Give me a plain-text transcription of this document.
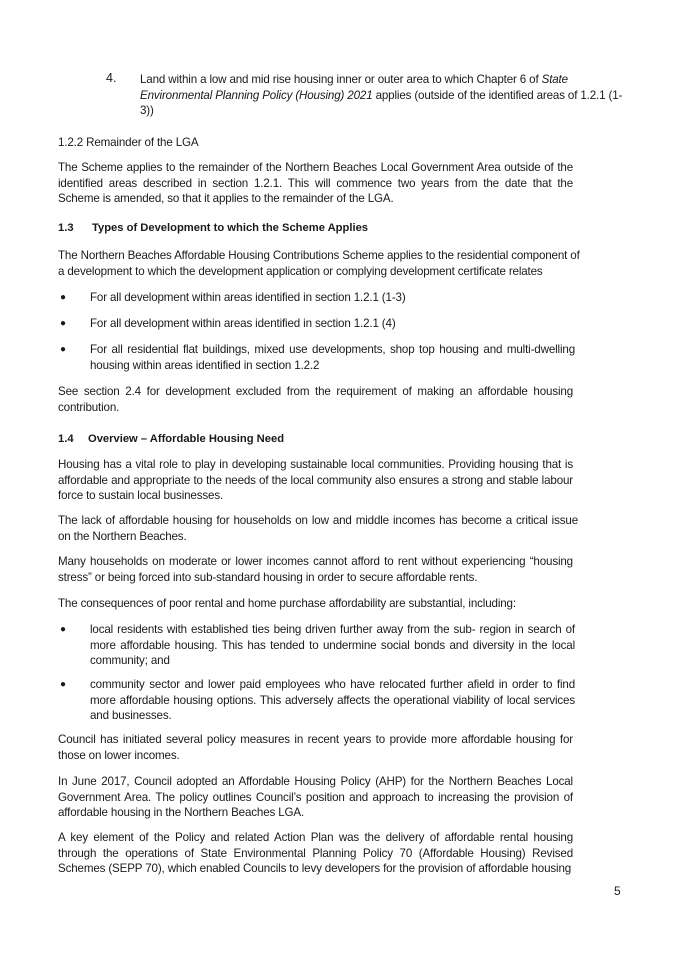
4. Land within a low and mid rise housing inner or outer area to which Chapter 6 of State Environmental Planning Policy (Housing) 2021 applies (outside of the identified areas of 1.2.1 (1-3))
1.2.2 Remainder of the LGA
The Scheme applies to the remainder of the Northern Beaches Local Government Area outside of the identified areas described in section 1.2.1. This will commence two years from the date that the Scheme is amended, so that it applies to the remainder of the LGA.
1.3 Types of Development to which the Scheme Applies
The Northern Beaches Affordable Housing Contributions Scheme applies to the residential component of a development to which the development application or complying development certificate relates
● For all development within areas identified in section 1.2.1 (1-3)
● For all development within areas identified in section 1.2.1 (4)
● For all residential flat buildings, mixed use developments, shop top housing and multi-dwelling housing within areas identified in section 1.2.2
See section 2.4 for development excluded from the requirement of making an affordable housing contribution.
1.4 Overview – Affordable Housing Need
Housing has a vital role to play in developing sustainable local communities. Providing housing that is affordable and appropriate to the needs of the local community also ensures a strong and stable labour force to sustain local businesses.
The lack of affordable housing for households on low and middle incomes has become a critical issue on the Northern Beaches.
Many households on moderate or lower incomes cannot afford to rent without experiencing “housing stress” or being forced into sub-standard housing in order to secure affordable rents.
The consequences of poor rental and home purchase affordability are substantial, including:
● local residents with established ties being driven further away from the sub- region in search of more affordable housing. This has tended to undermine social bonds and diversity in the local community; and
● community sector and lower paid employees who have relocated further afield in order to find more affordable housing options. This adversely affects the operational viability of local services and businesses.
Council has initiated several policy measures in recent years to provide more affordable housing for those on lower incomes.
In June 2017, Council adopted an Affordable Housing Policy (AHP) for the Northern Beaches Local Government Area. The policy outlines Council’s position and approach to increasing the provision of affordable housing in the Northern Beaches LGA.
A key element of the Policy and related Action Plan was the delivery of affordable rental housing through the operations of State Environmental Planning Policy 70 (Affordable Housing) Revised Schemes (SEPP 70), which enabled Councils to levy developers for the provision of affordable housing
5
